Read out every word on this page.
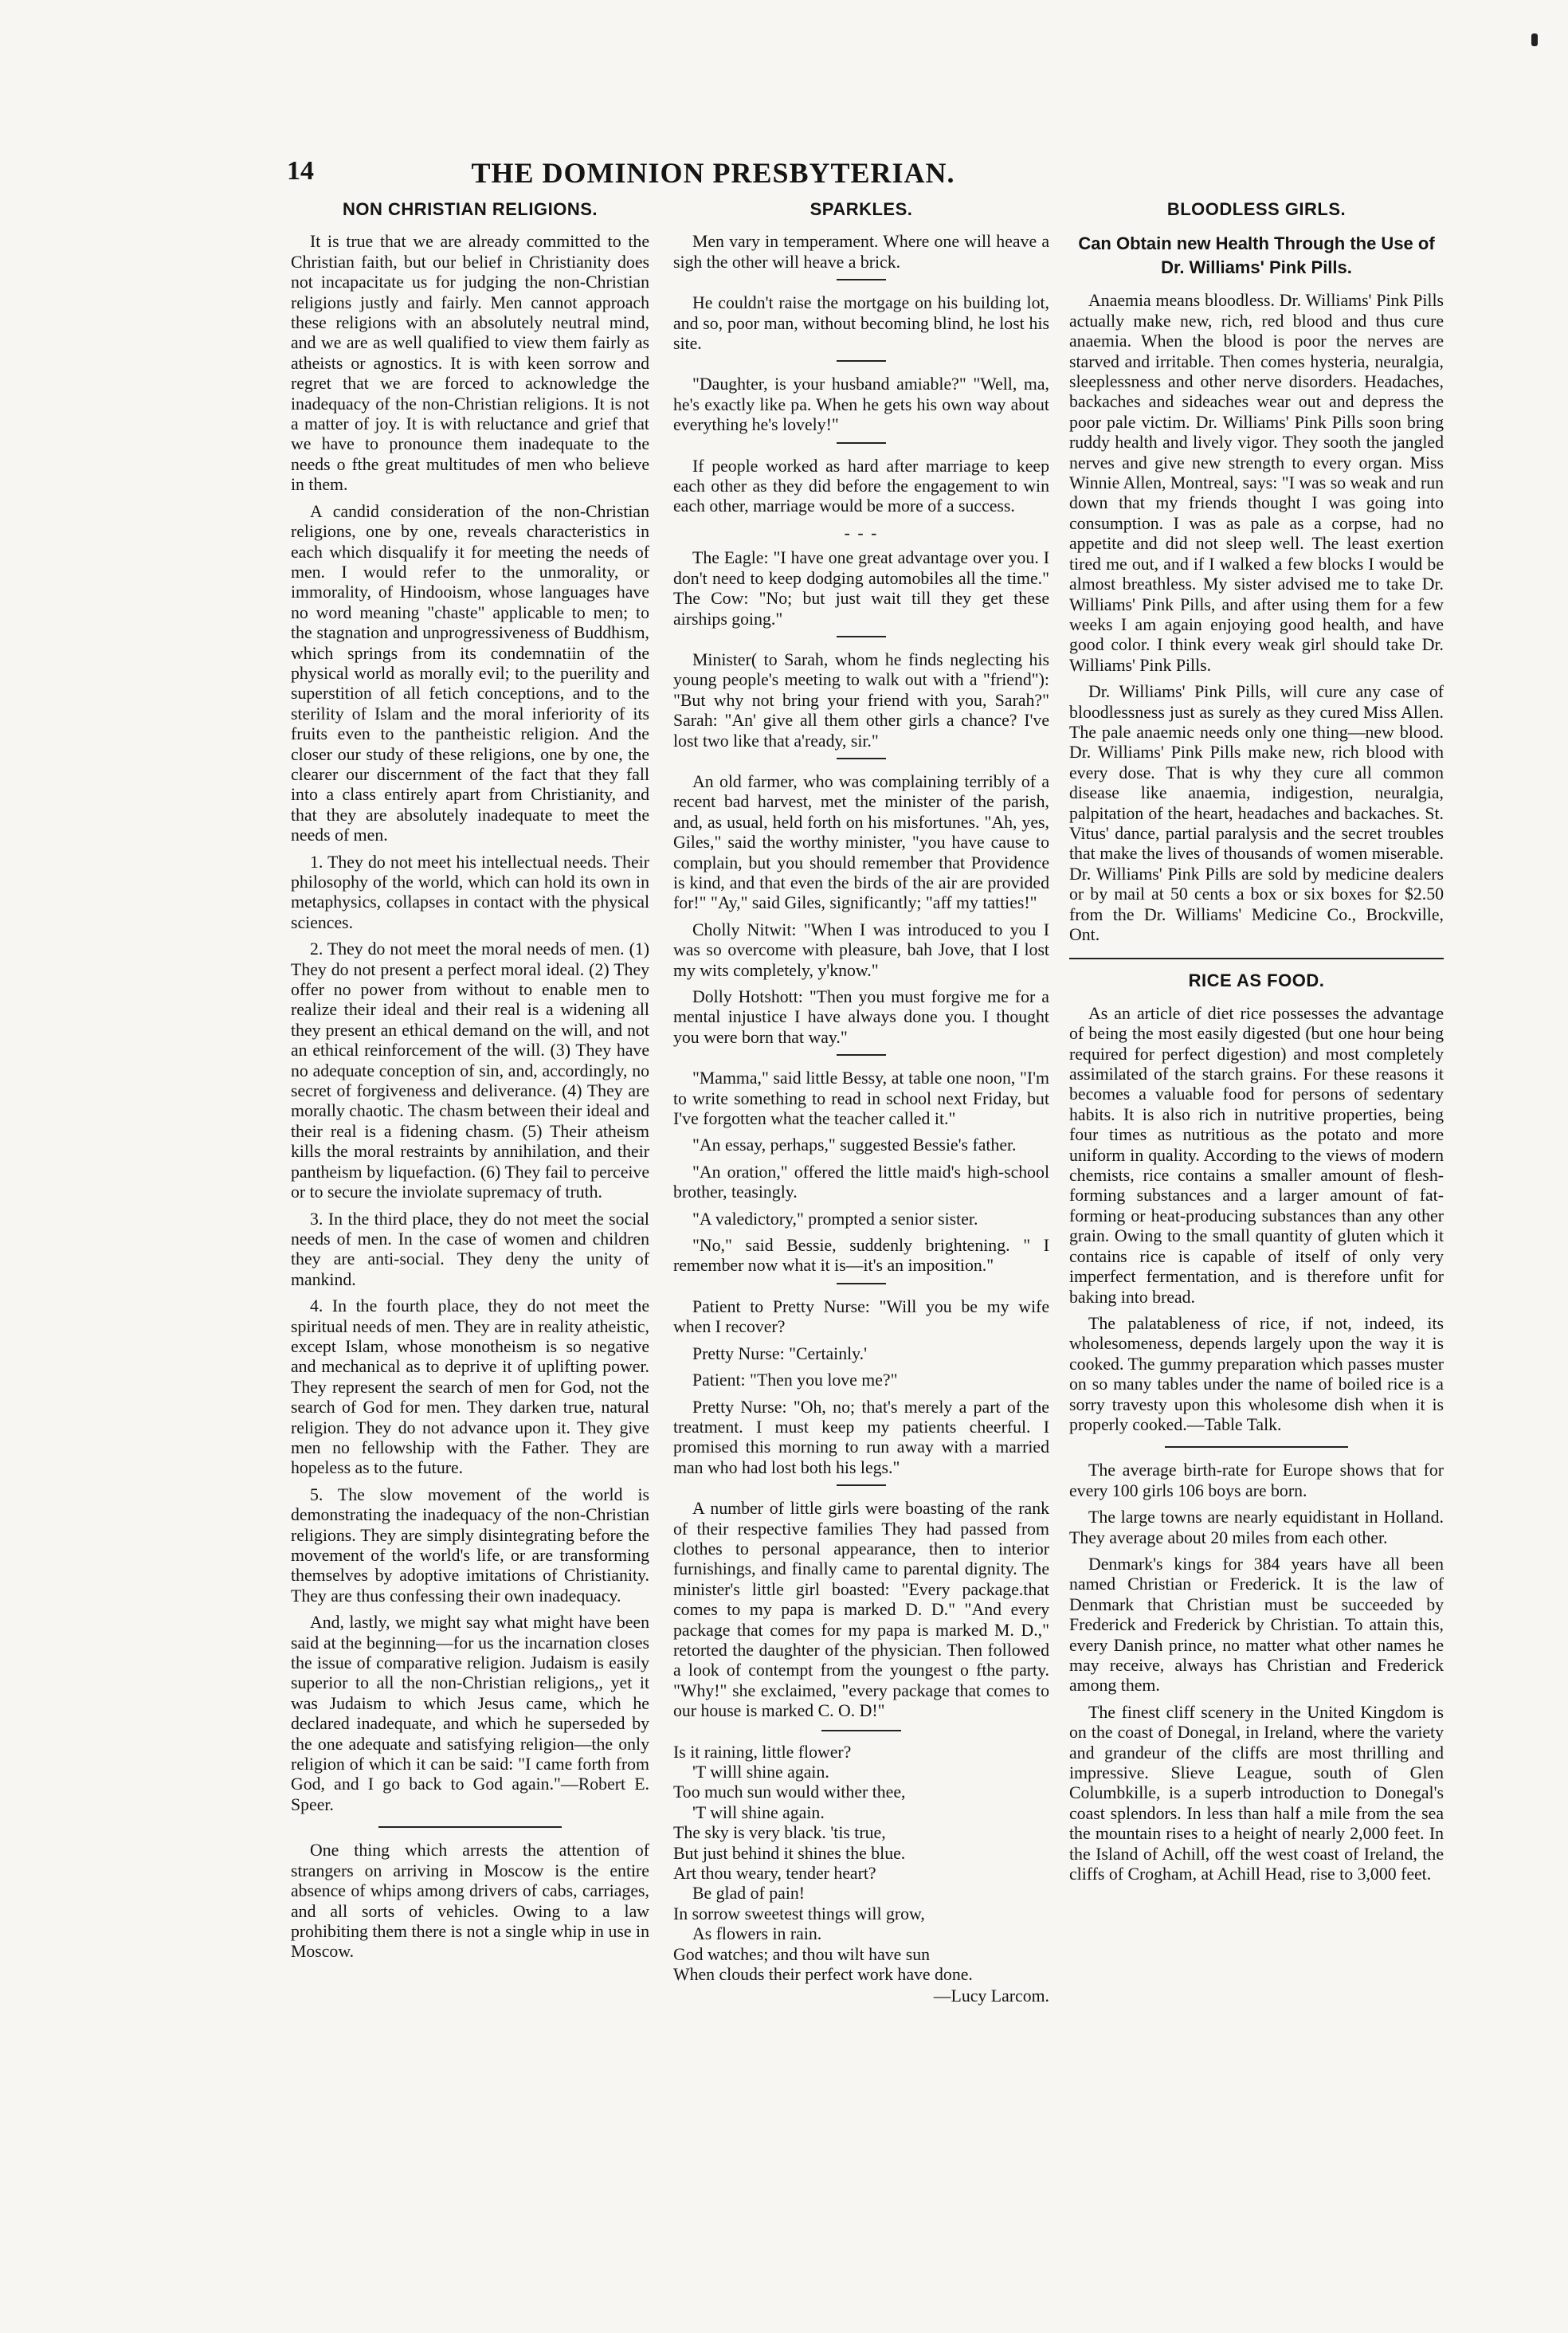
14	THE DOMINION PRESBYTERIAN.
NON CHRISTIAN RELIGIONS.

It is true that we are already committed to the Christian faith, but our belief in Christianity does not incapacitate us for judging the non-Christian religions justly and fairly. Men cannot approach these religions with an absolutely neutral mind, and we are as well qualified to view them fairly as atheists or agnostics. It is with keen sorrow and regret that we are forced to acknowledge the inadequacy of the non-Christian religions. It is not a matter of joy. It is with reluctance and grief that we have to pronounce them inadequate to the needs o fthe great multitudes of men who believe in them.

A candid consideration of the non-Christian religions, one by one, reveals characteristics in each which disqualify it for meeting the needs of men. I would refer to the unmorality, or immorality, of Hindooism, whose languages have no word meaning "chaste" applicable to men; to the stagnation and unprogressiveness of Buddhism, which springs from its condemnatiin of the physical world as morally evil; to the puerility and superstition of all fetich conceptions, and to the sterility of Islam and the moral inferiority of its fruits even to the pantheistic religion. And the closer our study of these religions, one by one, the clearer our discernment of the fact that they fall into a class entirely apart from Christianity, and that they are absolutely inadequate to meet the needs of men.

1. They do not meet his intellectual needs. Their philosophy of the world, which can hold its own in metaphysics, collapses in contact with the physical sciences.

2. They do not meet the moral needs of men. (1) They do not present a perfect moral ideal. (2) They offer no power from without to enable men to realize their ideal and their real is a widening all they present an ethical demand on the will, and not an ethical reinforcement of the will. (3) They have no adequate conception of sin, and, accordingly, no secret of forgiveness and deliverance. (4) They are morally chaotic. The chasm between their ideal and their real is a fidening chasm. (5) Their atheism kills the moral restraints by annihilation, and their pantheism by liquefaction. (6) They fail to perceive or to secure the inviolate supremacy of truth.

3. In the third place, they do not meet the social needs of men. In the case of women and children they are anti-social. They deny the unity of mankind.

4. In the fourth place, they do not meet the spiritual needs of men. They are in reality atheistic, except Islam, whose monotheism is so negative and mechanical as to deprive it of uplifting power. They represent the search of men for God, not the search of God for men. They darken true, natural religion. They do not advance upon it. They give men no fellowship with the Father. They are hopeless as to the future.

5. The slow movement of the world is demonstrating the inadequacy of the non-Christian religions. They are simply disintegrating before the movement of the world's life, or are transforming themselves by adoptive imitations of Christianity. They are thus confessing their own inadequacy.

And, lastly, we might say what might have been said at the beginning—for us the incarnation closes the issue of comparative religion. Judaism is easily superior to all the non-Christian religions,, yet it was Judaism to which Jesus came, which he declared inadequate, and which he superseded by the one adequate and satisfying religion—the only religion of which it can be said: "I came forth from God, and I go back to God again."—Robert E. Speer.

One thing which arrests the attention of strangers on arriving in Moscow is the entire absence of whips among drivers of cabs, carriages, and all sorts of vehicles. Owing to a law prohibiting them there is not a single whip in use in Moscow.

SPARKLES.

Men vary in temperament. Where one will heave a sigh the other will heave a brick.

He couldn't raise the mortgage on his building lot, and so, poor man, without becoming blind, he lost his site.

"Daughter, is your husband amiable?" "Well, ma, he's exactly like pa. When he gets his own way about everything he's lovely!"

If people worked as hard after marriage to keep each other as they did before the engagement to win each other, marriage would be more of a success.

- - -

The Eagle: "I have one great advantage over you. I don't need to keep dodging automobiles all the time." The Cow: "No; but just wait till they get these airships going."

Minister( to Sarah, whom he finds neglecting his young people's meeting to walk out with a "friend"): "But why not bring your friend with you, Sarah?" Sarah: "An' give all them other girls a chance? I've lost two like that a'ready, sir."

An old farmer, who was complaining terribly of a recent bad harvest, met the minister of the parish, and, as usual, held forth on his misfortunes. "Ah, yes, Giles," said the worthy minister, "you have cause to complain, but you should remember that Providence is kind, and that even the birds of the air are provided for!" "Ay," said Giles, significantly; "aff my tatties!"

Cholly Nitwit: "When I was introduced to you I was so overcome with pleasure, bah Jove, that I lost my wits completely, y'know."

Dolly Hotshott: "Then you must forgive me for a mental injustice I have always done you. I thought you were born that way."

"Mamma," said little Bessy, at table one noon, "I'm to write something to read in school next Friday, but I've forgotten what the teacher called it."

"An essay, perhaps," suggested Bessie's father.

"An oration," offered the little maid's high-school brother, teasingly.

"A valedictory," prompted a senior sister.

"No," said Bessie, suddenly brightening. " I remember now what it is—it's an imposition."

Patient to Pretty Nurse: "Will you be my wife when I recover?

Pretty Nurse: "Certainly.'

Patient: "Then you love me?"

Pretty Nurse: "Oh, no; that's merely a part of the treatment. I must keep my patients cheerful. I promised this morning to run away with a married man who had lost both his legs."

A number of little girls were boasting of the rank of their respective families They had passed from clothes to personal appearance, then to interior furnishings, and finally came to parental dignity. The minister's little girl boasted: "Every package.that comes to my papa is marked D. D." "And every package that comes for my papa is marked M. D.," retorted the daughter of the physician. Then followed a look of contempt from the youngest o fthe party. "Why!" she exclaimed, "every package that comes to our house is marked C. O. D!"

Is it raining, little flower?
'T willl shine again.
Too much sun would wither thee,
'T will shine again.
The sky is very black. 'tis true,
But just behind it shines the blue.
Art thou weary, tender heart?
Be glad of pain!
In sorrow sweetest things will grow,
As flowers in rain.
God watches; and thou wilt have sun
When clouds their perfect work have done.
—Lucy Larcom.
BLOODLESS GIRLS.
Can Obtain new Health Through the Use of Dr. Williams' Pink Pills.

Anaemia means bloodless. Dr. Williams' Pink Pills actually make new, rich, red blood and thus cure anaemia. When the blood is poor the nerves are starved and irritable. Then comes hysteria, neuralgia, sleeplessness and other nerve disorders. Headaches, backaches and sideaches wear out and depress the poor pale victim. Dr. Williams' Pink Pills soon bring ruddy health and lively vigor. They sooth the jangled nerves and give new strength to every organ. Miss Winnie Allen, Montreal, says: "I was so weak and run down that my friends thought I was going into consumption. I was as pale as a corpse, had no appetite and did not sleep well. The least exertion tired me out, and if I walked a few blocks I would be almost breathless. My sister advised me to take Dr. Williams' Pink Pills, and after using them for a few weeks I am again enjoying good health, and have good color. I think every weak girl should take Dr. Williams' Pink Pills.

Dr. Williams' Pink Pills, will cure any case of bloodlessness just as surely as they cured Miss Allen. The pale anaemic needs only one thing—new blood. Dr. Williams' Pink Pills make new, rich blood with every dose. That is why they cure all common disease like anaemia, indigestion, neuralgia, palpitation of the heart, headaches and backaches. St. Vitus' dance, partial paralysis and the secret troubles that make the lives of thousands of women miserable. Dr. Williams' Pink Pills are sold by medicine dealers or by mail at 50 cents a box or six boxes for $2.50 from the Dr. Williams' Medicine Co., Brockville, Ont.

RICE AS FOOD.

As an article of diet rice possesses the advantage of being the most easily digested (but one hour being required for perfect digestion) and most completely assimilated of the starch grains. For these reasons it becomes a valuable food for persons of sedentary habits. It is also rich in nutritive properties, being four times as nutritious as the potato and more uniform in quality. According to the views of modern chemists, rice contains a smaller amount of flesh-forming substances and a larger amount of fat-forming or heat-producing substances than any other grain. Owing to the small quantity of gluten which it contains rice is capable of itself of only very imperfect fermentation, and is therefore unfit for baking into bread.

The palatableness of rice, if not, indeed, its wholesomeness, depends largely upon the way it is cooked. The gummy preparation which passes muster on so many tables under the name of boiled rice is a sorry travesty upon this wholesome dish when it is properly cooked.—Table Talk.

The average birth-rate for Europe shows that for every 100 girls 106 boys are born.

The large towns are nearly equidistant in Holland. They average about 20 miles from each other.

Denmark's kings for 384 years have all been named Christian or Frederick. It is the law of Denmark that Christian must be succeeded by Frederick and Frederick by Christian. To attain this, every Danish prince, no matter what other names he may receive, always has Christian and Frederick among them.

The finest cliff scenery in the United Kingdom is on the coast of Donegal, in Ireland, where the variety and grandeur of the cliffs are most thrilling and impressive. Slieve League, south of Glen Columbkille, is a superb introduction to Donegal's coast splendors. In less than half a mile from the sea the mountain rises to a height of nearly 2,000 feet. In the Island of Achill, off the west coast of Ireland, the cliffs of Crogham, at Achill Head, rise to 3,000 feet.
